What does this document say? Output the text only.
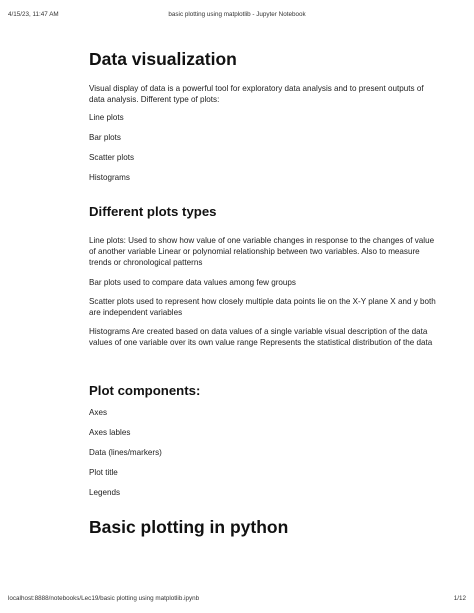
4/15/23, 11:47 AM	basic plotting using matplotlib - Jupyter Notebook
Data visualization

Visual display of data is a powerful tool for exploratory data analysis and to present outputs of data analysis. Different type of plots:

Line plots

Bar plots

Scatter plots

Histograms

Different plots types

Line plots: Used to show how value of one variable changes in response to the changes of value of another variable Linear or polynomial relationship between two variables. Also to measure trends or chronological patterns

Bar plots used to compare data values among few groups

Scatter plots used to represent how closely multiple data points lie on the X-Y plane X and y both are independent variables

Histograms Are created based on data values of a single variable visual description of the data values of one variable over its own value range Represents the statistical distribution of the data

Plot components:

Axes

Axes lables

Data (lines/markers)

Plot title

Legends

Basic plotting in python
localhost:8888/notebooks/Lec19/basic plotting using matplotlib.ipynb	1/12
